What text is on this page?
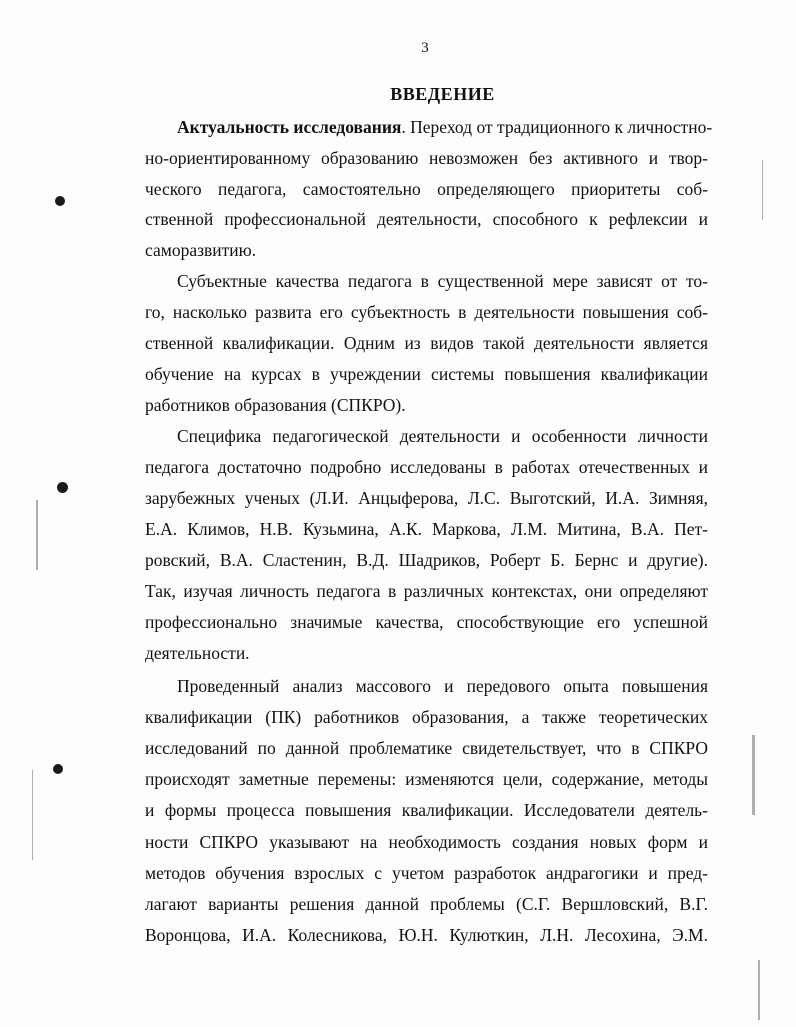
3
ВВЕДЕНИЕ
Актуальность исследования. Переход от традиционного к личностно-
но-ориентированному образованию невозможен без активного и твор-
ческого педагога, самостоятельно определяющего приоритеты соб-
ственной профессиональной деятельности, способного к рефлексии и
саморазвитию.
Субъектные качества педагога в существенной мере зависят от то-
го, насколько развита его субъектность в деятельности повышения соб-
ственной квалификации. Одним из видов такой деятельности является
обучение на курсах в учреждении системы повышения квалификации
работников образования (СПКРО).
Специфика педагогической деятельности и особенности личности
педагога достаточно подробно исследованы в работах отечественных и
зарубежных ученых (Л.И. Анцыферова, Л.С. Выготский, И.А. Зимняя,
Е.А. Климов, Н.В. Кузьмина, А.К. Маркова, Л.М. Митина, В.А. Пет-
ровский, В.А. Сластенин, В.Д. Шадриков, Роберт Б. Бернс и другие).
Так, изучая личность педагога в различных контекстах, они определяют
профессионально значимые качества, способствующие его успешной
деятельности.
Проведенный анализ массового и передового опыта повышения
квалификации (ПК) работников образования, а также теоретических
исследований по данной проблематике свидетельствует, что в СПКРО
происходят заметные перемены: изменяются цели, содержание, методы
и формы процесса повышения квалификации. Исследователи деятель-
ности СПКРО указывают на необходимость создания новых форм и
методов обучения взрослых с учетом разработок андрагогики и пред-
лагают варианты решения данной проблемы (С.Г. Вершловский, В.Г.
Воронцова, И.А. Колесникова, Ю.Н. Кулюткин, Л.Н. Лесохина, Э.М.
